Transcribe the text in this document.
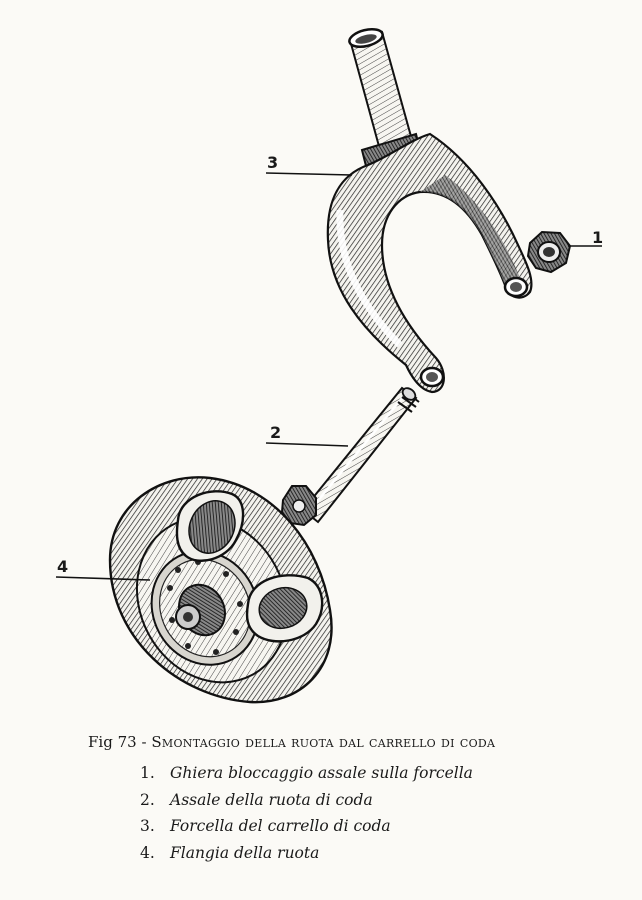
1
2
3
4
Fig 73 - Smontaggio della ruota dal carrello di coda
1. Ghiera bloccaggio assale sulla forcella
2. Assale della ruota di coda
3. Forcella del carrello di coda
4. Flangia della ruota
